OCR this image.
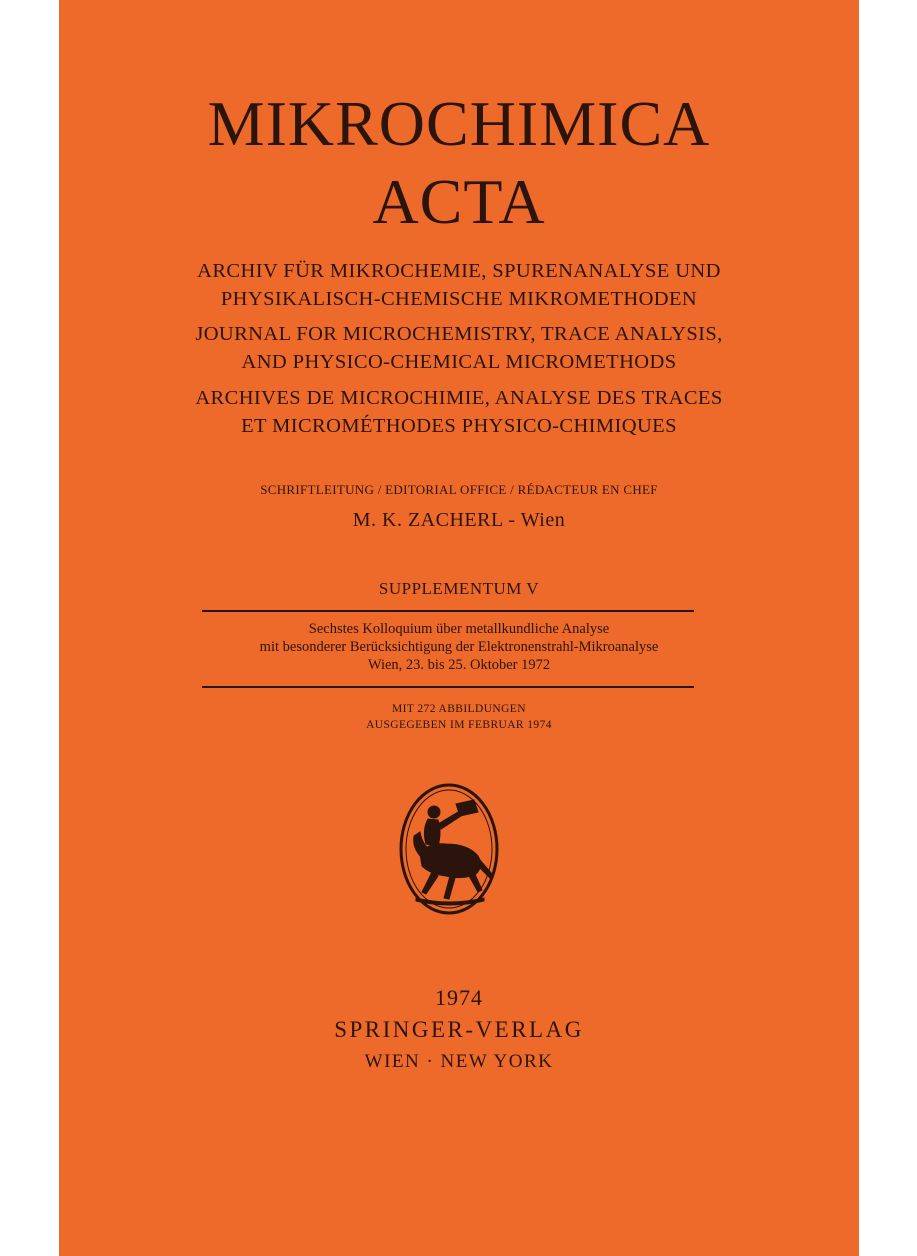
MIKROCHIMICA
ACTA
ARCHIV FÜR MIKROCHEMIE, SPURENANALYSE UND
PHYSIKALISCH-CHEMISCHE MIKROMETHODEN
JOURNAL FOR MICROCHEMISTRY, TRACE ANALYSIS,
AND PHYSICO-CHEMICAL MICROMETHODS
ARCHIVES DE MICROCHIMIE, ANALYSE DES TRACES
ET MICROMÉTHODES PHYSICO-CHIMIQUES
SCHRIFTLEITUNG / EDITORIAL OFFICE / RÉDACTEUR EN CHEF
M. K. ZACHERL - Wien
SUPPLEMENTUM V
Sechstes Kolloquium über metallkundliche Analyse
mit besonderer Berücksichtigung der Elektronenstrahl-Mikroanalyse
Wien, 23. bis 25. Oktober 1972
MIT 272 ABBILDUNGEN
AUSGEGEBEN IM FEBRUAR 1974
1974
SPRINGER-VERLAG
WIEN · NEW YORK
